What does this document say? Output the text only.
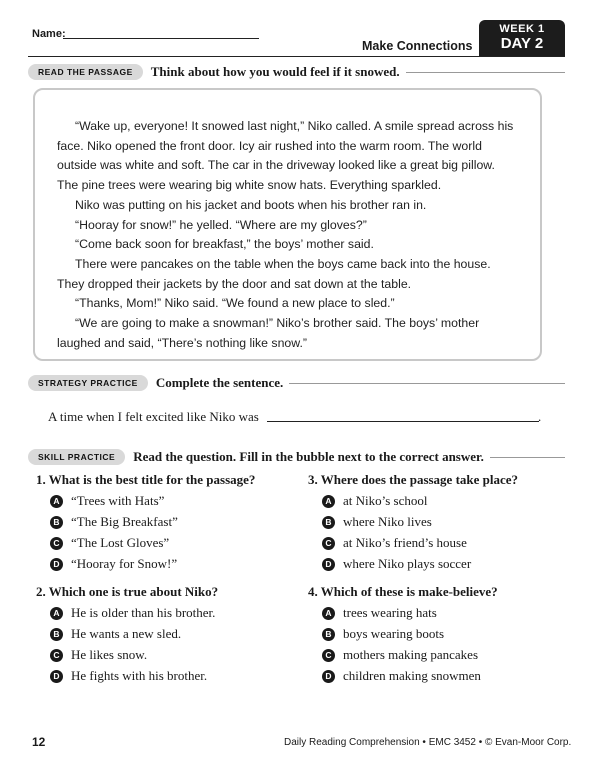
Name:
Make Connections
WEEK 1
DAY 2
READ THE PASSAGE	Think about how you would feel if it snowed.

“Wake up, everyone! It snowed last night,” Niko called. A smile spread across his face. Niko opened the front door. Icy air rushed into the warm room. The world outside was white and soft. The car in the driveway looked like a great big pillow. The pine trees were wearing big white snow hats. Everything sparkled.

Niko was putting on his jacket and boots when his brother ran in.

“Hooray for snow!” he yelled. “Where are my gloves?”

“Come back soon for breakfast,” the boys’ mother said.

There were pancakes on the table when the boys came back into the house. They dropped their jackets by the door and sat down at the table.

“Thanks, Mom!” Niko said. “We found a new place to sled.”

“We are going to make a snowman!” Niko’s brother said. The boys’ mother laughed and said, “There’s nothing like snow.”

STRATEGY PRACTICE	Complete the sentence.
A time when I felt excited like Niko was	.
SKILL PRACTICE	Read the question. Fill in the bubble next to the correct answer.
1. What is the best title for the passage?
A “Trees with Hats”
B “The Big Breakfast”
C “The Lost Gloves”
D “Hooray for Snow!”
2. Which one is true about Niko?
A He is older than his brother.
B He wants a new sled.
C He likes snow.
D He fights with his brother.
3. Where does the passage take place?
A at Niko’s school
B where Niko lives
C at Niko’s friend’s house
D where Niko plays soccer
4. Which of these is make-believe?
A trees wearing hats
B boys wearing boots
C mothers making pancakes
D children making snowmen
12	Daily Reading Comprehension • EMC 3452 • © Evan-Moor Corp.
